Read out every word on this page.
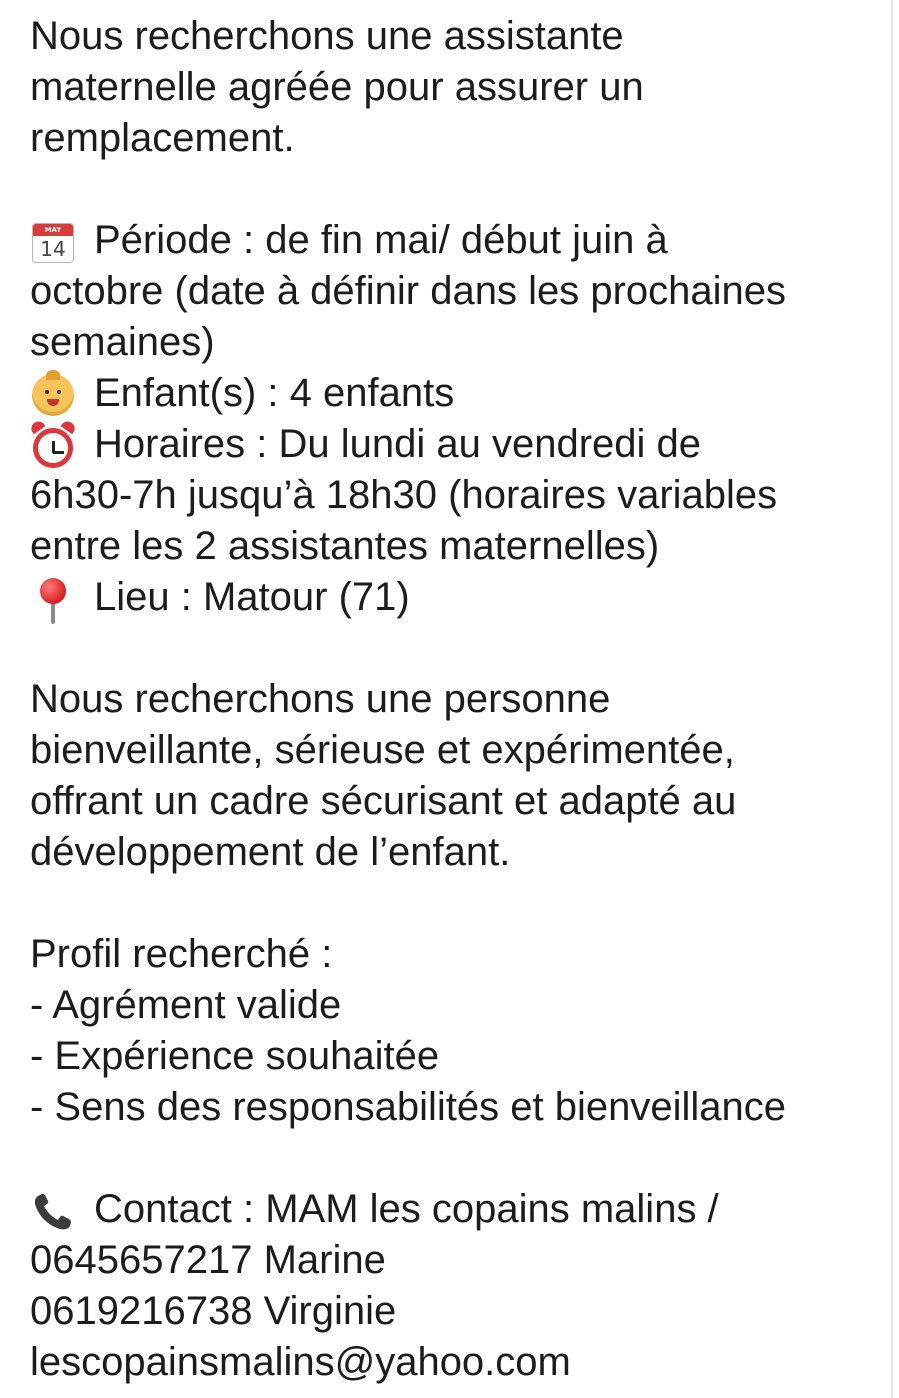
Nous recherchons une assistante
maternelle agréée pour assurer un
remplacement.
MAY
14 Période : de fin mai/ début juin à
octobre (date à définir dans les prochaines
semaines)
Enfant(s) : 4 enfants
Horaires : Du lundi au vendredi de
6h30-7h jusqu’à 18h30 (horaires variables
entre les 2 assistantes maternelles)
Lieu : Matour (71)
Nous recherchons une personne
bienveillante, sérieuse et expérimentée,
offrant un cadre sécurisant et adapté au
développement de l’enfant.
Profil recherché :
- Agrément valide
- Expérience souhaitée
- Sens des responsabilités et bienveillance
Contact : MAM les copains malins /
0645657217 Marine
0619216738 Virginie
lescopainsmalins@yahoo.com
